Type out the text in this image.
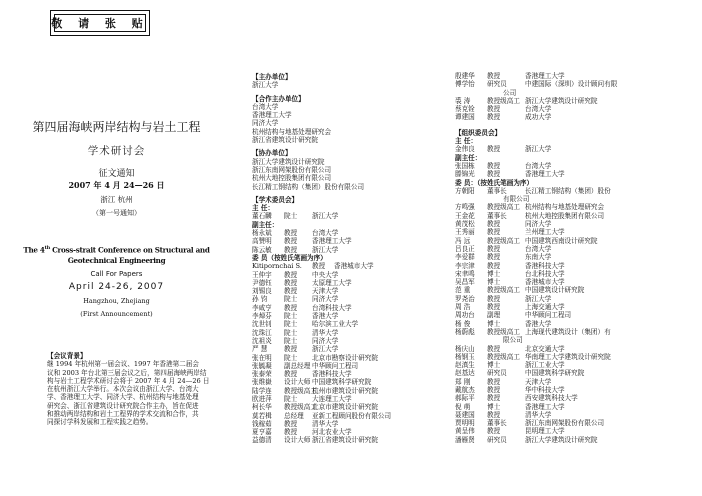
敬 请 张 贴
第四届海峡两岸结构与岩土工程
学术研讨会
征文通知
2007 年 4 月 24—26 日
浙江 杭州
（第一号通知）
The 4th Cross-strait Conference on Structural and
Geotechnical Engineering
Call For Papers
April 24-26, 2007
Hangzhou, Zhejiang
(First Announcement)
【会议背景】
继 1994 年杭州第一届会议、1997 年香港第二届会
议和 2003 年台北第三届会议之后，第四届海峡两岸结
构与岩土工程学术研讨会将于 2007 年 4 月 24—26 日
在杭州浙江大学举行。本次会议由浙江大学、台湾大
学、香港理工大学、同济大学、杭州结构与地基处理
研究会、浙江省建筑设计研究院合作主办，旨在促进
和推动两岸结构和岩土工程界的学术交流和合作，共
同探讨学科发展和工程实践之趋势。
【主办单位】
浙江大学
【合作主办单位】
台湾大学
香港理工大学
同济大学
杭州结构与地基处理研究会
浙江省建筑设计研究院
【协办单位】
浙江大学建筑设计研究院
浙江东南网架股份有限公司
杭州大地控股集团有限公司
长江精工钢结构（集团）股份有限公司
【学术委员会】
主 任：
董石麟	院士	浙江大学
副主任：
杨永斌	教授	台湾大学
高赞明	教授	香港理工大学
陈云敏	教授	浙江大学
委 员（按姓氏笔画为序）
Kitipornchai S.	教授	香港城市大学
王仲宇	教授	中央大学
尹德钰	教授	太原理工大学
刘锡良	教授	天津大学
孙 钧	院士	同济大学
李咸亨	教授	台湾科技大学
李焯芬	院士	香港大学
沈世钊	院士	哈尔滨工业大学
沈珠江	院士	清华大学
沈祖炎	院士	同济大学
严 慧	教授	浙江大学
张在明	院士	北京市勘察设计研究院
张毓凝	副总经理 中华顾问工程司
张泰荣	教授	香港科技大学
张维嶽	设计大师 中国建筑科学研究院
陆学连	教授级高工
杭州市建筑设计研究院
欧进萍	院士	大连理工大学
柯长华	教授级高工
北京市建筑设计研究院
莫若楫	总经理	亚新工程顾问股份有限公司
钱稼茹	教授	清华大学
夏亨嘉	教授	河北农业大学
益德清	设计大师 浙江省建筑设计研究院
殷建华	教授	香港理工大学
傅学怡	研究员	中建国际（深圳）设计顾问有限
公司
裘 涛	教授级高工 浙江大学建筑设计研究院
蔡克铨	教授	台湾大学
谭建国	教授	成功大学
【组织委员会】
主 任：
金伟良	教授	浙江大学
副主任：
张国栋	教授	台湾大学
滕锦光	教授	香港理工大学
委 员：（按姓氏笔画为序）
方朝阳	董事长	长江精工钢结构（集团）股份
有限公司
方鸣强	教授级高工 杭州结构与地基处理研究会
王金花	董事长	杭州大地控股集团有限公司
黄茂松	教授	同济大学
王秀丽	教授	兰州理工大学
冯 远	教授级高工 中国建筑西南设计研究院
吕良正	教授	台湾大学
李爱群	教授	东南大学
李宗津	教授	香港科技大学
宋聿鸣	博士	台北科技大学
吴昌军	博士	香港城市大学
范 重	教授级高工 中国建筑设计研究院
罗尧治	教授	浙江大学
周 浩	教授	上海交通大学
周功台	副理	中华顾问工程司
杨 俊	博士	香港大学
杨蔚彪	教授级高工 上海现代建筑设计（集团）有
限公司
杨庆山	教授	北京交通大学
杨钢玉	教授级高工 华南理工大学建筑设计研究院
赵滇生	博士	浙江工业大学
赵基达	研究员	中国建筑科学研究院
郑 刚	教授	天津大学
戴航杰	教授	华中科技大学
郝际平	教授	西安建筑科技大学
倪 萌	博士	香港理工大学
聂建国	教授	清华大学
贾明明	董事长	浙江东南网架股份有限公司
黄呈伟	教授	昆明理工大学
潘雁贤	研究员	浙江大学建筑设计研究院
